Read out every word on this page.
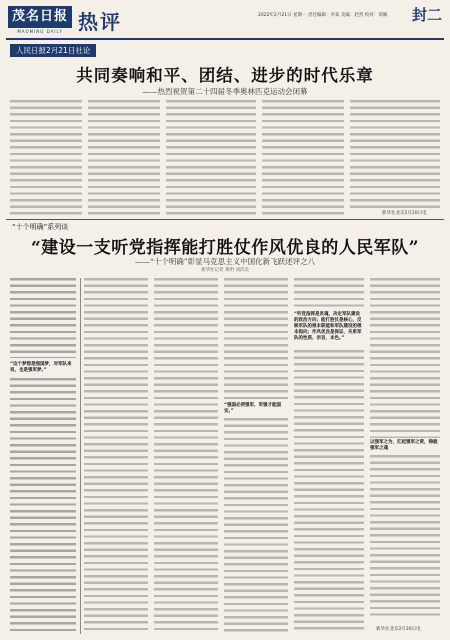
茂名日报
MAOMING DAILY 热评	2022年2月21日 星期一 责任编辑：李泰 美编：赵烈 校对：邓佩 封二
人民日报2月21日社论
共同奏响和平、团结、进步的时代乐章
——热烈祝贺第二十四届冬季奥林匹克运动会闭幕
新华社北京2月20日电
“十个明确”系列谈
“建设一支听党指挥能打胜仗作风优良的人民军队”
——“十个明确”彰显马克思主义中国化新飞跃述评之八
新华社记者 黄明 刘济美
“这个梦想是强国梦，对军队来说，也是强军梦。”
“强国必须强军，军强才能国安。”
“听党指挥是灵魂，决定军队建设的政治方向；能打胜仗是核心，反映军队的根本职能和军队建设的根本指向；作风优良是保证，关系军队的性质、宗旨、本色。”
以强军之为，扛起强军之责，铸就强军之魂
新华社北京2月20日电
